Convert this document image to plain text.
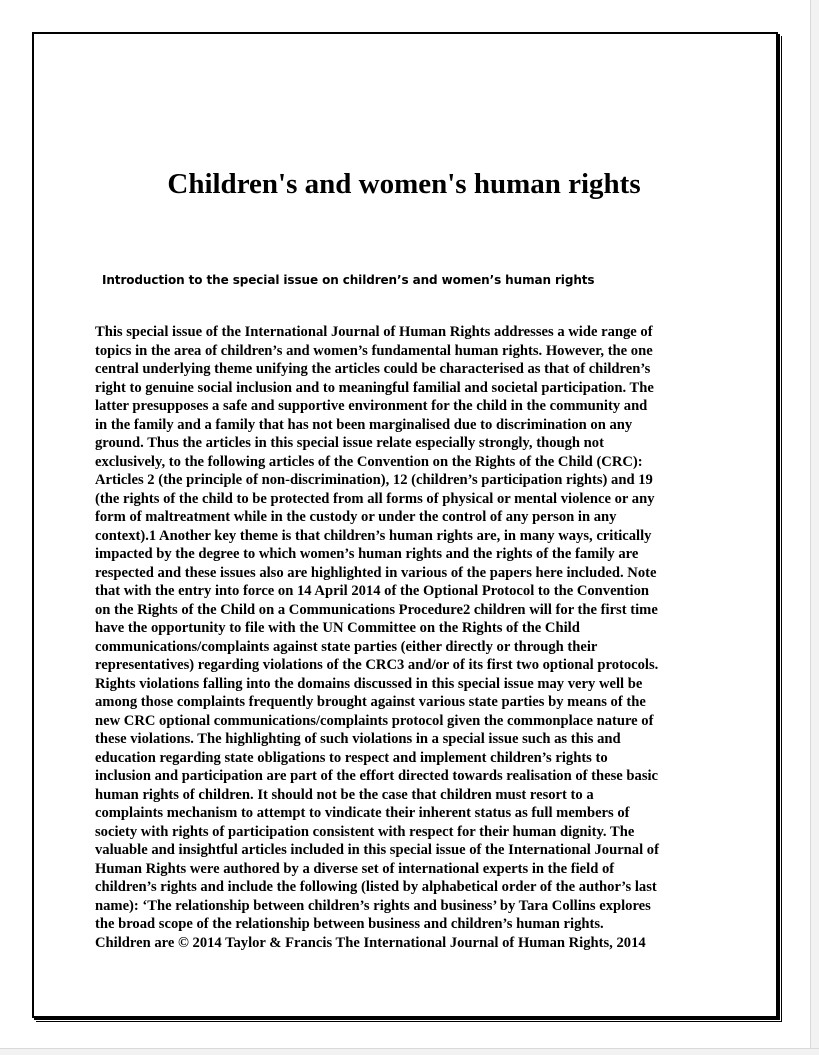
Children's and women's human rights

Introduction to the special issue on children’s and women’s human rights

This special issue of the International Journal of Human Rights addresses a wide range of
topics in the area of children’s and women’s fundamental human rights. However, the one
central underlying theme unifying the articles could be characterised as that of children’s
right to genuine social inclusion and to meaningful familial and societal participation. The
latter presupposes a safe and supportive environment for the child in the community and
in the family and a family that has not been marginalised due to discrimination on any
ground. Thus the articles in this special issue relate especially strongly, though not
exclusively, to the following articles of the Convention on the Rights of the Child (CRC):
Articles 2 (the principle of non-discrimination), 12 (children’s participation rights) and 19
(the rights of the child to be protected from all forms of physical or mental violence or any
form of maltreatment while in the custody or under the control of any person in any
context).1 Another key theme is that children’s human rights are, in many ways, critically
impacted by the degree to which women’s human rights and the rights of the family are
respected and these issues also are highlighted in various of the papers here included. Note
that with the entry into force on 14 April 2014 of the Optional Protocol to the Convention
on the Rights of the Child on a Communications Procedure2 children will for the first time
have the opportunity to file with the UN Committee on the Rights of the Child
communications/complaints against state parties (either directly or through their
representatives) regarding violations of the CRC3 and/or of its first two optional protocols.
Rights violations falling into the domains discussed in this special issue may very well be
among those complaints frequently brought against various state parties by means of the
new CRC optional communications/complaints protocol given the commonplace nature of
these violations. The highlighting of such violations in a special issue such as this and
education regarding state obligations to respect and implement children’s rights to
inclusion and participation are part of the effort directed towards realisation of these basic
human rights of children. It should not be the case that children must resort to a
complaints mechanism to attempt to vindicate their inherent status as full members of
society with rights of participation consistent with respect for their human dignity. The
valuable and insightful articles included in this special issue of the International Journal of
Human Rights were authored by a diverse set of international experts in the field of
children’s rights and include the following (listed by alphabetical order of the author’s last
name): ‘The relationship between children’s rights and business’ by Tara Collins explores
the broad scope of the relationship between business and children’s human rights.
Children are © 2014 Taylor & Francis The International Journal of Human Rights, 2014
